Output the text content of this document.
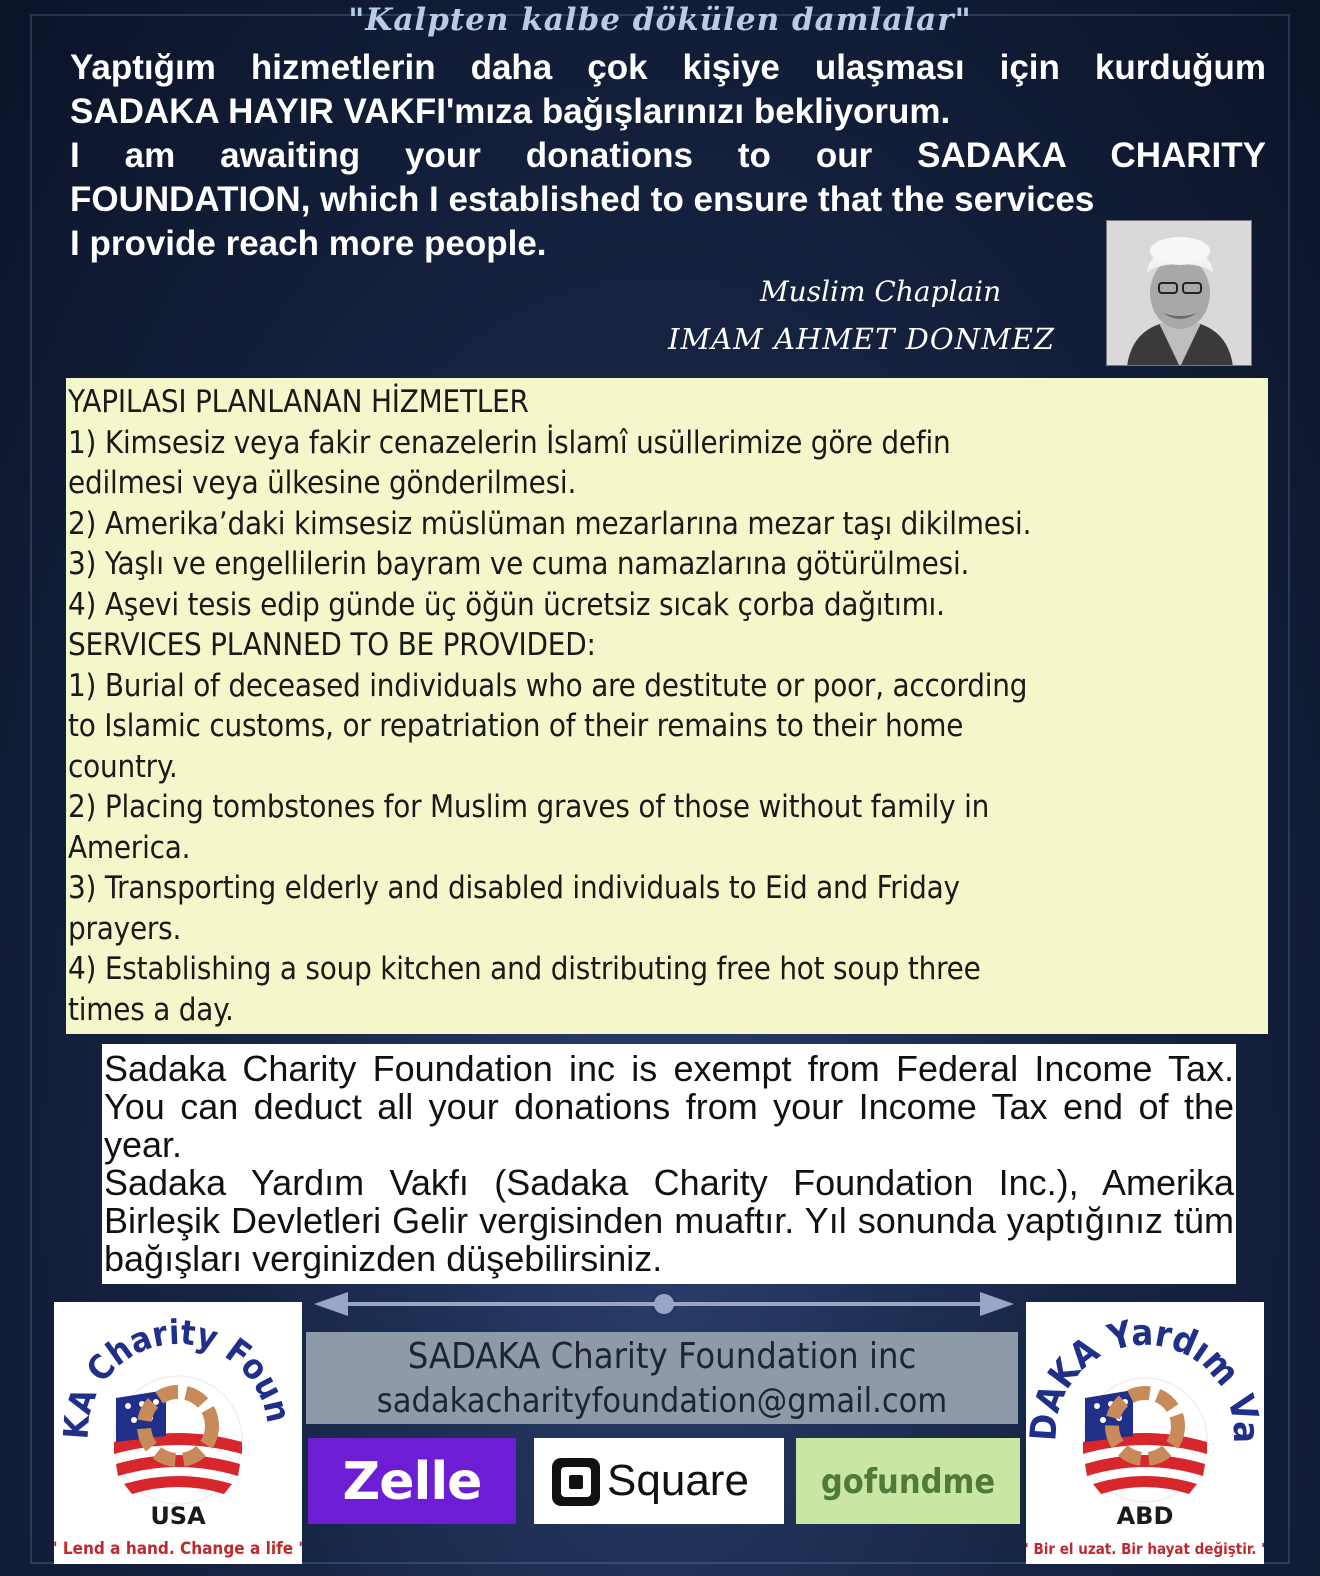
"Kalpten kalbe dökülen damlalar"

Yaptığım hizmetlerin daha çok kişiye ulaşması için kurduğum

SADAKA HAYIR VAKFI'mıza bağışlarınızı bekliyorum.

I am awaiting your donations to our SADAKA CHARITY

FOUNDATION, which I established to ensure that the services

I provide reach more people.

Muslim Chaplain
IMAM AHMET DONMEZ
YAPILASI PLANLANAN HİZMETLER
1) Kimsesiz veya fakir cenazelerin İslamî usüllerimize göre defin
edilmesi veya ülkesine gönderilmesi.
2) Amerika’daki kimsesiz müslüman mezarlarına mezar taşı dikilmesi.
3) Yaşlı ve engellilerin bayram ve cuma namazlarına götürülmesi.
4) Aşevi tesis edip günde üç öğün ücretsiz sıcak çorba dağıtımı.
SERVICES PLANNED TO BE PROVIDED:
1) Burial of deceased individuals who are destitute or poor, according
to Islamic customs, or repatriation of their remains to their home
country.
2) Placing tombstones for Muslim graves of those without family in
America.
3) Transporting elderly and disabled individuals to Eid and Friday
prayers.
4) Establishing a soup kitchen and distributing free hot soup three
times a day.

Sadaka Charity Foundation inc is exempt from Federal Income Tax. You can deduct all your donations from your Income Tax end of the year.

Sadaka Yardım Vakfı (Sadaka Charity Foundation Inc.), Amerika Birleşik Devletleri Gelir vergisinden muaftır. Yıl sonunda yaptığınız tüm bağışları verginizden düşebilirsiniz.

KA Charity Foun
USA
" Lend a hand. Change a life "
SADAKA Charity Foundation inc
sadakacharityfoundation@gmail.com
Zelle	Square	gofundme
DAKA Yardım Va
ABD
" Bir el uzat. Bir hayat değiştir. "
